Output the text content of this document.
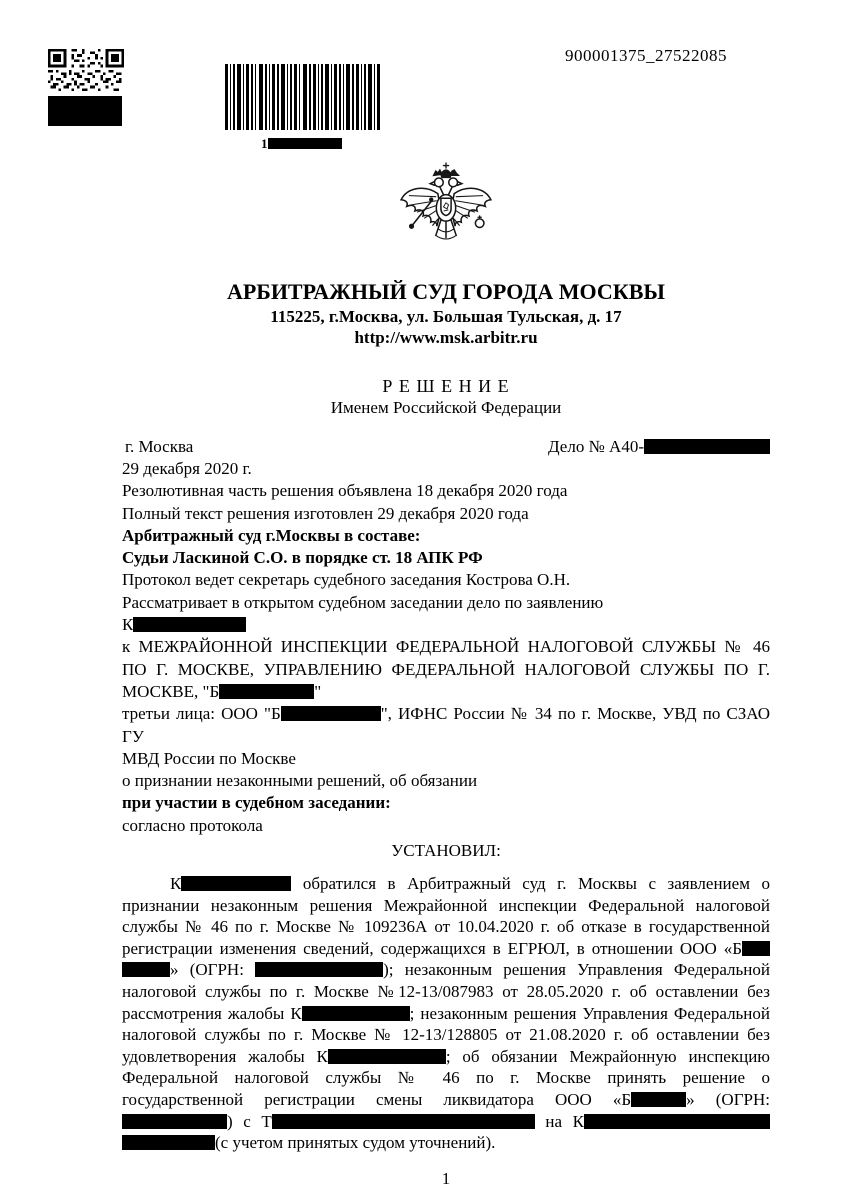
1
900001375_27522085
АРБИТРАЖНЫЙ СУД ГОРОДА МОСКВЫ
115225, г.Москва, ул. Большая Тульская, д. 17
http://www.msk.arbitr.ru
Р Е Ш Е Н И Е
Именем Российской Федерации
г. Москва	Дело № А40-

29 декабря 2020 г.

Резолютивная часть решения объявлена 18 декабря 2020 года

Полный текст решения изготовлен 29 декабря 2020 года

Арбитражный суд г.Москвы в составе:

Судьи Ласкиной С.О. в порядке ст. 18 АПК РФ

Протокол ведет секретарь судебного заседания Кострова О.Н.

Рассматривает в открытом судебном заседании дело по заявлению

К

к МЕЖРАЙОННОЙ ИНСПЕКЦИИ ФЕДЕРАЛЬНОЙ НАЛОГОВОЙ СЛУЖБЫ № 46

ПО Г. МОСКВЕ, УПРАВЛЕНИЮ ФЕДЕРАЛЬНОЙ НАЛОГОВОЙ СЛУЖБЫ ПО Г.

МОСКВЕ, "Б	"

третьи лица: ООО "Б	", ИФНС России № 34 по г. Москве, УВД по СЗАО ГУ

МВД России по Москве

о признании незаконными решений, об обязании

при участии в судебном заседании:

согласно протокола

УСТАНОВИЛ:
К	обратился в Арбитражный суд г. Москвы с заявлением о
признании незаконным решения Межрайонной инспекции Федеральной налоговой
службы № 46 по г. Москве № 109236А от 10.04.2020 г. об отказе в государственной
регистрации изменения сведений, содержащихся в ЕГРЮЛ, в отношении ООО «Б
» (ОГРН:	); незаконным решения Управления Федеральной
налоговой службы по г. Москве №12-13/087983 от 28.05.2020 г. об оставлении без
рассмотрения жалобы К	; незаконным решения Управления Федеральной
налоговой службы по г. Москве № 12-13/128805 от 21.08.2020 г. об оставлении без
удовлетворения жалобы К	; об обязании Межрайонную инспекцию
Федеральной налоговой службы № 46 по г. Москве принять решение о
государственной регистрации смены ликвидатора ООО «Б	» (ОГРН:
) с Т	на К
(с учетом принятых судом уточнений).
1
